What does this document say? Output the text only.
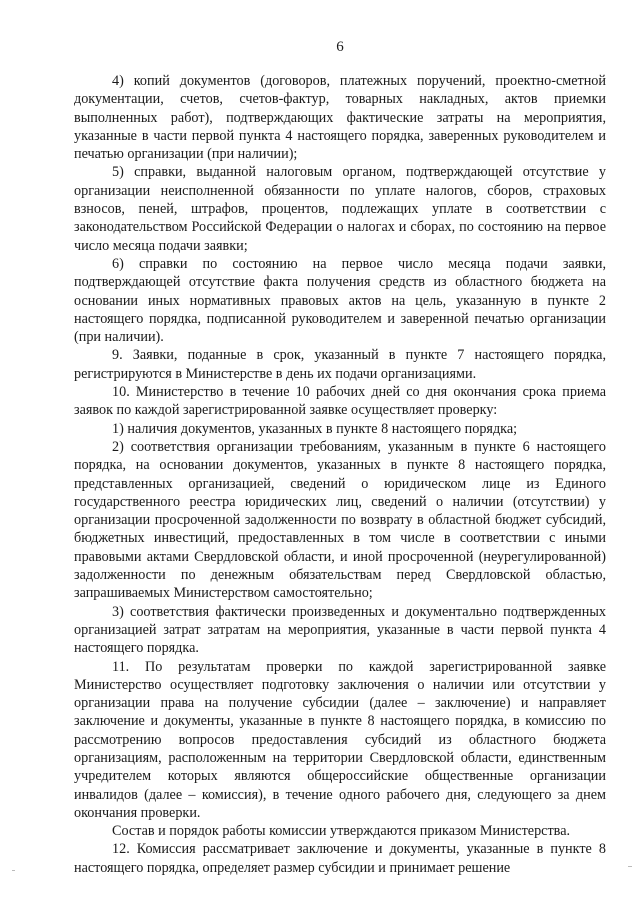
6

4) копий документов (договоров, платежных поручений, проектно-сметной документации, счетов, счетов-фактур, товарных накладных, актов приемки выполненных работ), подтверждающих фактические затраты на мероприятия, указанные в части первой пункта 4 настоящего порядка, заверенных руководителем и печатью организации (при наличии);

5) справки, выданной налоговым органом, подтверждающей отсутствие у организации неисполненной обязанности по уплате налогов, сборов, страховых взносов, пеней, штрафов, процентов, подлежащих уплате в соответствии с законодательством Российской Федерации о налогах и сборах, по состоянию на первое число месяца подачи заявки;

6) справки по состоянию на первое число месяца подачи заявки, подтверждающей отсутствие факта получения средств из областного бюджета на основании иных нормативных правовых актов на цель, указанную в пункте 2 настоящего порядка, подписанной руководителем и заверенной печатью организации (при наличии).

9. Заявки, поданные в срок, указанный в пункте 7 настоящего порядка, регистрируются в Министерстве в день их подачи организациями.

10. Министерство в течение 10 рабочих дней со дня окончания срока приема заявок по каждой зарегистрированной заявке осуществляет проверку:

1) наличия документов, указанных в пункте 8 настоящего порядка;

2) соответствия организации требованиям, указанным в пункте 6 настоящего порядка, на основании документов, указанных в пункте 8 настоящего порядка, представленных организацией, сведений о юридическом лице из Единого государственного реестра юридических лиц, сведений о наличии (отсутствии) у организации просроченной задолженности по возврату в областной бюджет субсидий, бюджетных инвестиций, предоставленных в том числе в соответствии с иными правовыми актами Свердловской области, и иной просроченной (неурегулированной) задолженности по денежным обязательствам перед Свердловской областью, запрашиваемых Министерством самостоятельно;

3) соответствия фактически произведенных и документально подтвержденных организацией затрат затратам на мероприятия, указанные в части первой пункта 4 настоящего порядка.

11. По результатам проверки по каждой зарегистрированной заявке Министерство осуществляет подготовку заключения о наличии или отсутствии у организации права на получение субсидии (далее – заключение) и направляет заключение и документы, указанные в пункте 8 настоящего порядка, в комиссию по рассмотрению вопросов предоставления субсидий из областного бюджета организациям, расположенным на территории Свердловской области, единственным учредителем которых являются общероссийские общественные организации инвалидов (далее – комиссия), в течение одного рабочего дня, следующего за днем окончания проверки.

Состав и порядок работы комиссии утверждаются приказом Министерства.

12. Комиссия рассматривает заключение и документы, указанные в пункте 8 настоящего порядка, определяет размер субсидии и принимает решение
